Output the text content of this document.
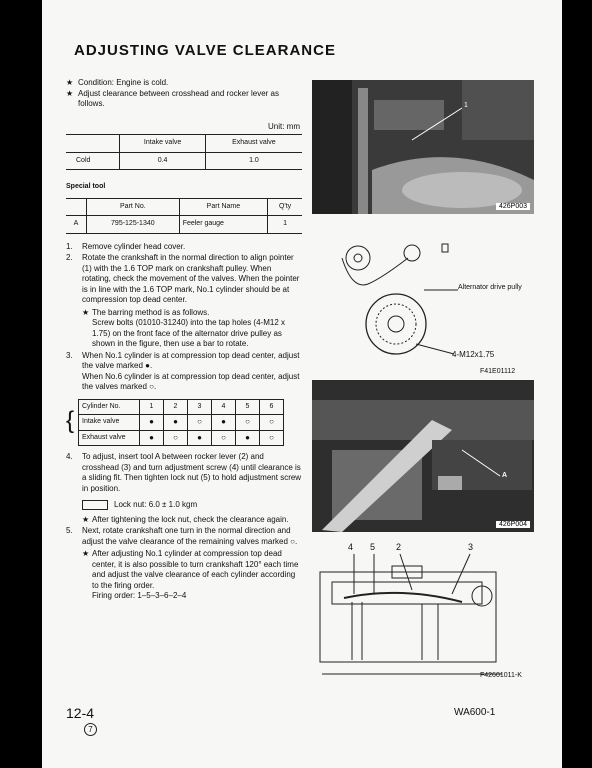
ADJUSTING VALVE CLEARANCE
★ Condition: Engine is cold.
★ Adjust clearance between crosshead and rocker lever as follows.
Unit: mm
	Intake valve	Exhaust valve
Cold	0.4	1.0
Special tool
	Part No.	Part Name	Q'ty
A	795-125-1340	Feeler gauge	1
1.	Remove cylinder head cover.
2.	Rotate the crankshaft in the normal direction to align pointer (1) with the 1.6 TOP mark on crankshaft pulley. When rotating, check the movement of the valves. When the pointer is in line with the 1.6 TOP mark, No.1 cylinder should be at compression top dead center.
★ The barring method is as follows.
Screw bolts (01010-31240) into the tap holes (4-M12 x 1.75) on the front face of the alternator drive pulley as shown in the figure, then use a bar to rotate.
3.	When No.1 cylinder is at compression top dead center, adjust the valve marked ●.
When No.6 cylinder is at compression top dead center, adjust the valves marked ○.
{
Cylinder No.	1	2	3	4	5	6
Intake valve	●	●	○	●	○	○
Exhaust valve	●	○	●	○	●	○
4.	To adjust, insert tool A between rocker lever (2) and crosshead (3) and turn adjustment screw (4) until clearance is a sliding fit. Then tighten lock nut (5) to hold adjustment screw in position.
Lock nut: 6.0 ± 1.0 kgm
★ After tightening the lock nut, check the clearance again.
5.	Next, rotate crankshaft one turn in the normal direction and adjust the valve clearance of the remaining valves marked ○.
★ After adjusting No.1 cylinder at compression top dead center, it is also possible to turn crankshaft 120° each time and adjust the valve clearance of each cylinder according to the firing order.
Firing order: 1–5–3–6–2–4
1
426P003
Alternator drive pully
4-M12x1.75
F41E01112
A
426P004
4 5 2	3
F42601011-K
12-4
7
WA600-1
